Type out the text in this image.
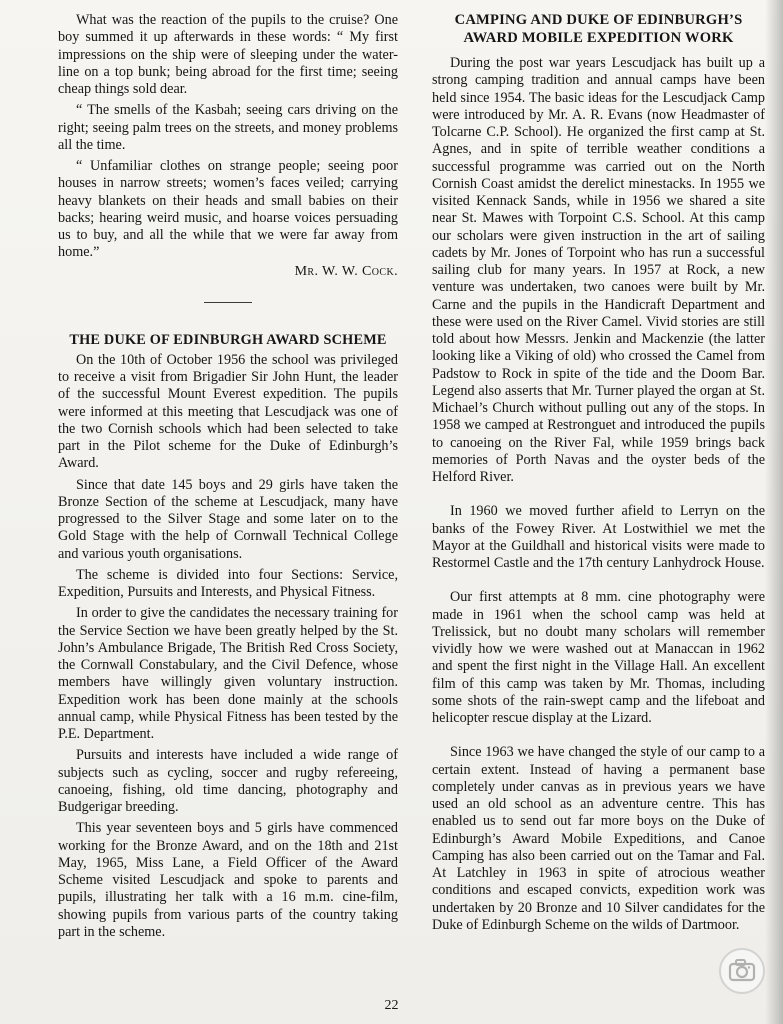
What was the reaction of the pupils to the cruise? One boy summed it up afterwards in these words: “ My first impressions on the ship were of sleeping under the water-line on a top bunk; being abroad for the first time; seeing cheap things sold dear.

“ The smells of the Kasbah; seeing cars driving on the right; seeing palm trees on the streets, and money problems all the time.

“ Unfamiliar clothes on strange people; seeing poor houses in narrow streets; women’s faces veiled; carrying heavy blankets on their heads and small babies on their backs; hearing weird music, and hoarse voices persuading us to buy, and all the while that we were far away from home.”

Mr. W. W. Cock.
THE DUKE OF EDINBURGH AWARD SCHEME

On the 10th of October 1956 the school was privileged to receive a visit from Brigadier Sir John Hunt, the leader of the successful Mount Everest expedition. The pupils were informed at this meeting that Lescudjack was one of the two Cornish schools which had been selected to take part in the Pilot scheme for the Duke of Edinburgh’s Award.

Since that date 145 boys and 29 girls have taken the Bronze Section of the scheme at Lescudjack, many have progressed to the Silver Stage and some later on to the Gold Stage with the help of Cornwall Technical College and various youth organisations.

The scheme is divided into four Sections: Service, Expedition, Pursuits and Interests, and Physical Fitness.

In order to give the candidates the necessary training for the Service Section we have been greatly helped by the St. John’s Ambulance Brigade, The British Red Cross Society, the Cornwall Constabulary, and the Civil Defence, whose members have willingly given voluntary instruction. Expedition work has been done mainly at the schools annual camp, while Physical Fitness has been tested by the P.E. Department.

Pursuits and interests have included a wide range of subjects such as cycling, soccer and rugby refereeing, canoeing, fishing, old time dancing, photography and Budgerigar breeding.

This year seventeen boys and 5 girls have commenced working for the Bronze Award, and on the 18th and 21st May, 1965, Miss Lane, a Field Officer of the Award Scheme visited Lescudjack and spoke to parents and pupils, illustrating her talk with a 16 m.m. cine-film, showing pupils from various parts of the country taking part in the scheme.

CAMPING AND DUKE OF EDINBURGH’S AWARD MOBILE EXPEDITION WORK

During the post war years Lescudjack has built up a strong camping tradition and annual camps have been held since 1954. The basic ideas for the Lescudjack Camp were introduced by Mr. A. R. Evans (now Headmaster of Tolcarne C.P. School). He organized the first camp at St. Agnes, and in spite of terrible weather conditions a successful programme was carried out on the North Cornish Coast amidst the derelict minestacks. In 1955 we visited Kennack Sands, while in 1956 we shared a site near St. Mawes with Torpoint C.S. School. At this camp our scholars were given instruction in the art of sailing cadets by Mr. Jones of Torpoint who has run a successful sailing club for many years. In 1957 at Rock, a new venture was undertaken, two canoes were built by Mr. Carne and the pupils in the Handicraft Department and these were used on the River Camel. Vivid stories are still told about how Messrs. Jenkin and Mackenzie (the latter looking like a Viking of old) who crossed the Camel from Padstow to Rock in spite of the tide and the Doom Bar. Legend also asserts that Mr. Turner played the organ at St. Michael’s Church without pulling out any of the stops. In 1958 we camped at Restronguet and introduced the pupils to canoeing on the River Fal, while 1959 brings back memories of Porth Navas and the oyster beds of the Helford River.

In 1960 we moved further afield to Lerryn on the banks of the Fowey River. At Lostwithiel we met the Mayor at the Guildhall and historical visits were made to Restormel Castle and the 17th century Lanhydrock House.

Our first attempts at 8 mm. cine photography were made in 1961 when the school camp was held at Trelissick, but no doubt many scholars will remember vividly how we were washed out at Manaccan in 1962 and spent the first night in the Village Hall. An excellent film of this camp was taken by Mr. Thomas, including some shots of the rain-swept camp and the lifeboat and helicopter rescue display at the Lizard.

Since 1963 we have changed the style of our camp to a certain extent. Instead of having a permanent base completely under canvas as in previous years we have used an old school as an adventure centre. This has enabled us to send out far more boys on the Duke of Edinburgh’s Award Mobile Expeditions, and Canoe Camping has also been carried out on the Tamar and Fal. At Latchley in 1963 in spite of atrocious weather conditions and escaped convicts, expedition work was undertaken by 20 Bronze and 10 Silver candidates for the Duke of Edinburgh Scheme on the wilds of Dartmoor.

22
